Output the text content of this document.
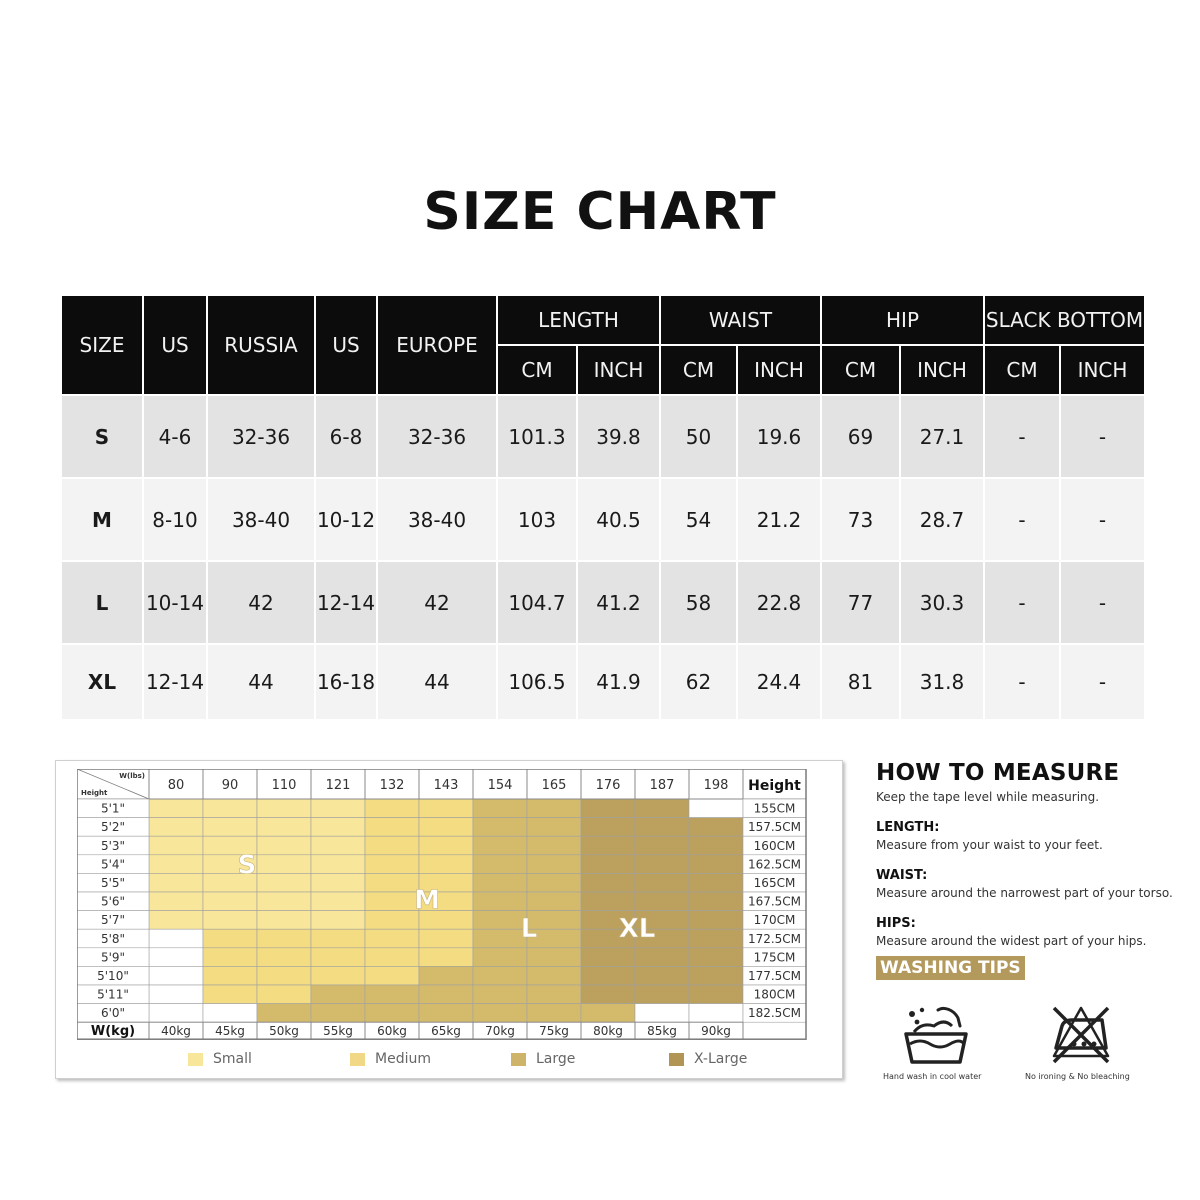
SIZE CHART
SIZE	US	RUSSIA	US	EUROPE	LENGTH		WAIST		HIP		SLACK BOTTOM	
					CM	INCH	CM	INCH	CM	INCH	CM	INCH
S	4-6	32-36	6-8	32-36	101.3	39.8	50	19.6	69	27.1	-	-
M	8-10	38-40	10-12	38-40	103	40.5	54	21.2	73	28.7	-	-
L	10-14	42	12-14	42	104.7	41.2	58	22.8	77	30.3	-	-
XL	12-14	44	16-18	44	106.5	41.9	62	24.4	81	31.8	-	-
80	90	110 121 132 143 154 165 176 187 198
W(lbs)
Height	Height
5'1"	155CM
5'2"	157.5CM
5'3"	160CM
5'4"	162.5CM
5'5"	165CM
5'6"	167.5CM
5'7"	170CM
5'8"	172.5CM
5'9"	175CM
5'10"	177.5CM
5'11"	180CM
6'0"	182.5CM
W(kg) 40kg 45kg 50kg 55kg 60kg 65kg 70kg 75kg 80kg 85kg 90kg
S
M
L	XL
Small	Medium	Large	X-Large
HOW TO MEASURE
Keep the tape level while measuring.
LENGTH:
Measure from your waist to your feet.
WAIST:
Measure around the narrowest part of your torso.
HIPS:
Measure around the widest part of your hips.
WASHING TIPS
Hand wash in cool water	No ironing & No bleaching
